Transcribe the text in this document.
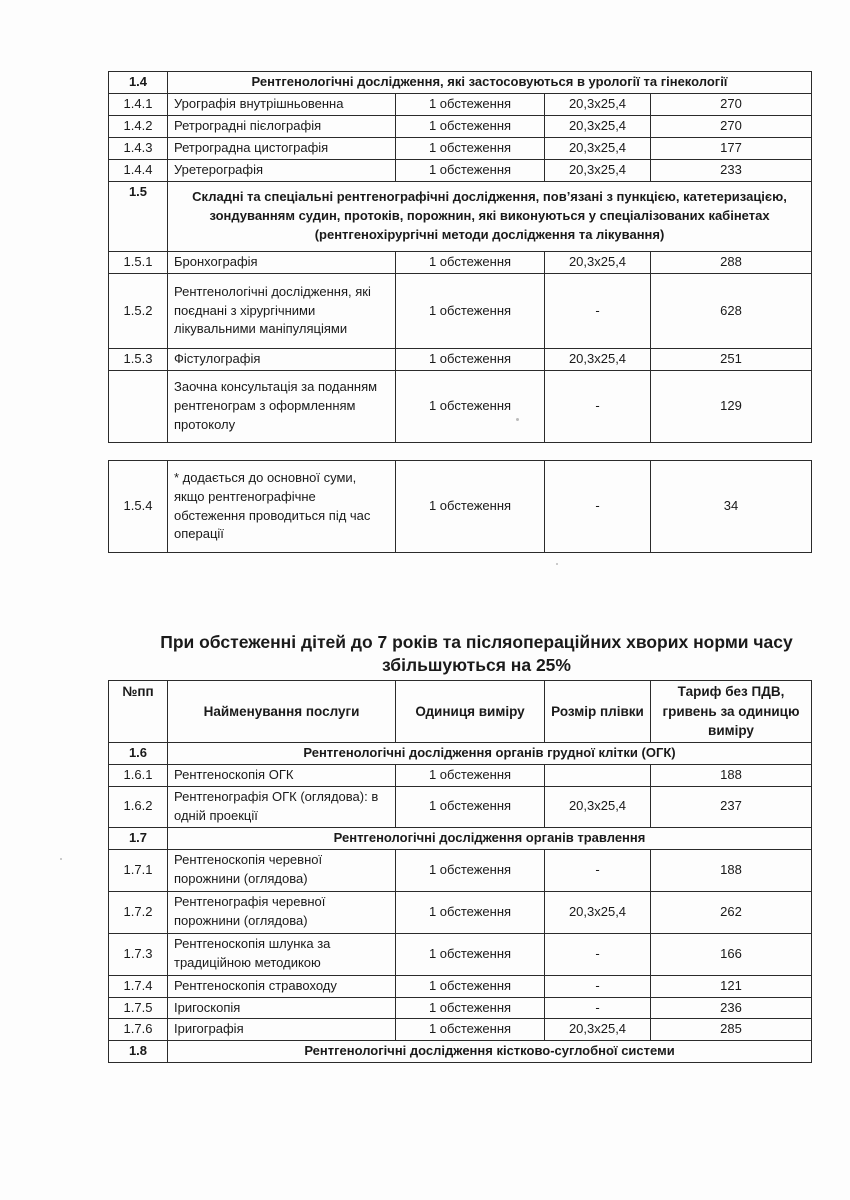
1.4	Рентгенологічні дослідження, які застосовуються в урології та гінекології			
1.4.1	Урографія внутрішньовенна	1 обстеження	20,3х25,4	270
1.4.2	Ретроградні пієлографія	1 обстеження	20,3х25,4	270
1.4.3	Ретроградна цистографія	1 обстеження	20,3х25,4	177
1.4.4	Уретерографія	1 обстеження	20,3х25,4	233
1.5	Складні та спеціальні рентгенографічні дослідження, пов’язані з пункцією, катетеризацією, зондуванням судин, протоків, порожнин, які виконуються у спеціалізованих кабінетах (рентгенохірургічні методи дослідження та лікування)			
1.5.1	Бронхографія	1 обстеження	20,3х25,4	288
1.5.2	Рентгенологічні дослідження, які поєднані з хірургічними лікувальними маніпуляціями	1 обстеження	-	628
1.5.3	Фістулографія	1 обстеження	20,3х25,4	251
	Заочна консультація за поданням рентгенограм з оформленням протоколу	1 обстеження	-	129
1.5.4	* додається до основної суми, якщо рентгенографічне обстеження проводиться під час операції	1 обстеження	-	34
При обстеженні дітей до 7 років та післяопераційних хворих норми часу збільшуються на 25%
№пп	Найменування послуги	Одиниця виміру	Розмір плівки	Тариф без ПДВ, гривень за одиницю виміру
1.6	Рентгенологічні дослідження органів грудної клітки (ОГК)			
1.6.1	Рентгеноскопія ОГК	1 обстеження		188
1.6.2	Рентгенографія ОГК (оглядова): в одній проекції	1 обстеження	20,3х25,4	237
1.7	Рентгенологічні дослідження органів травлення			
1.7.1	Рентгеноскопія черевної порожнини (оглядова)	1 обстеження	-	188
1.7.2	Рентгенографія черевної порожнини (оглядова)	1 обстеження	20,3х25,4	262
1.7.3	Рентгеноскопія шлунка за традиційною методикою	1 обстеження	-	166
1.7.4	Рентгеноскопія стравоходу	1 обстеження	-	121
1.7.5	Іригоскопія	1 обстеження	-	236
1.7.6	Іригографія	1 обстеження	20,3х25,4	285
1.8	Рентгенологічні дослідження кістково-суглобної системи			
